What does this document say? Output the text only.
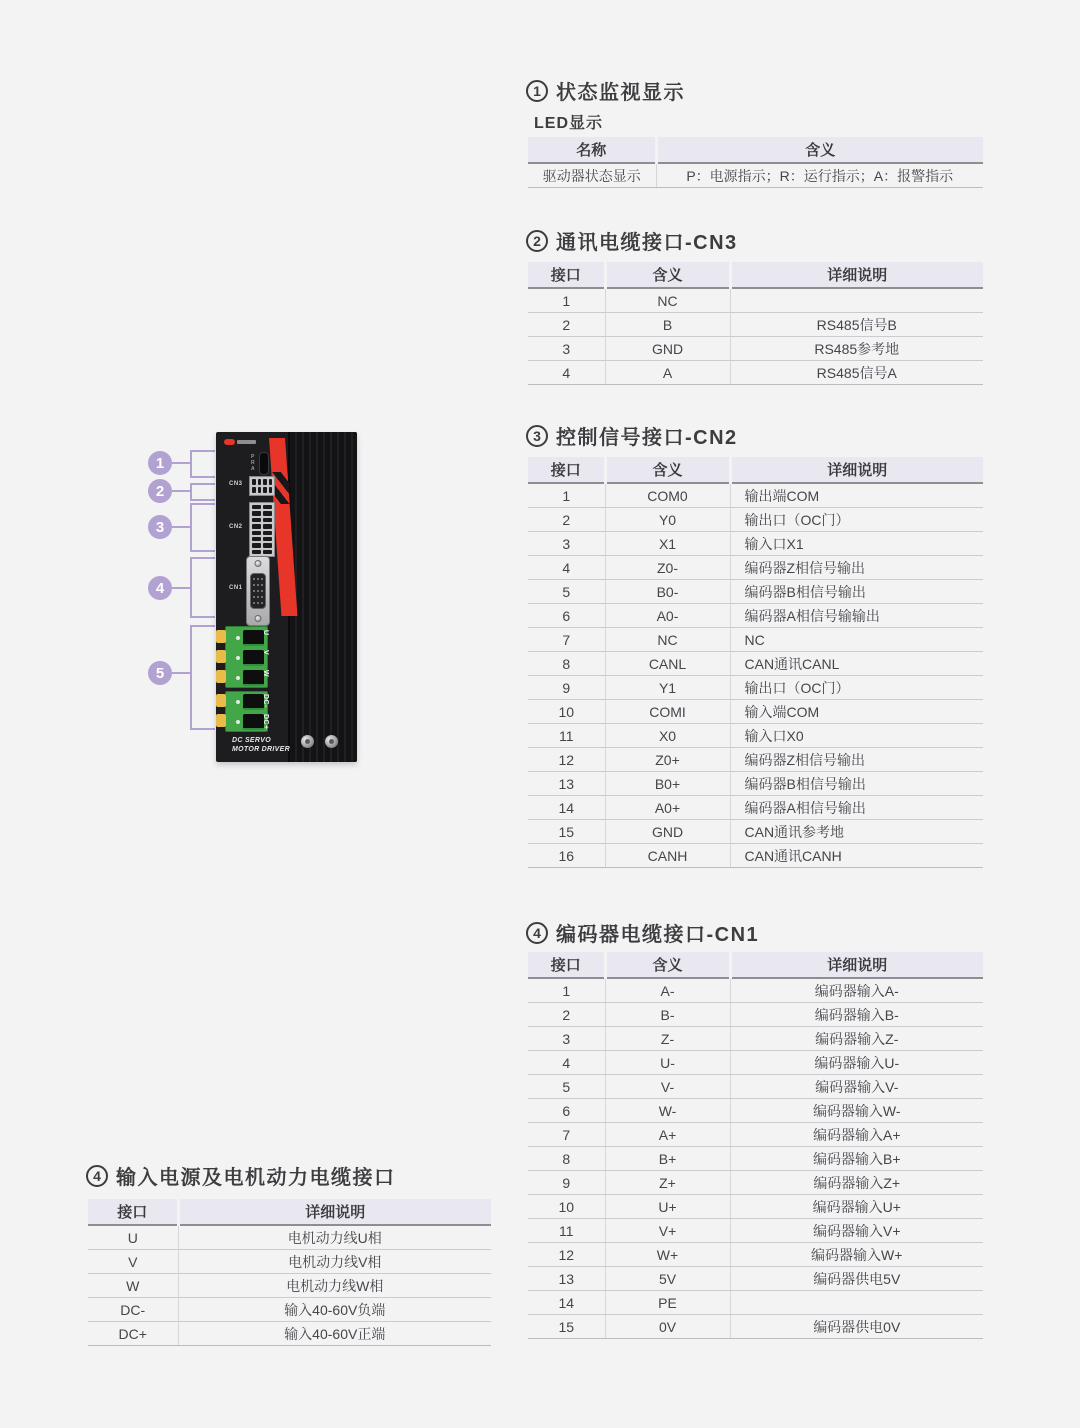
1 状态监视显示
LED显示
名称	含义
驱动器状态显示	P：电源指示；R：运行指示；A：报警指示
2 通讯电缆接口-CN3
接口	含义	详细说明
1	NC	
2	B	RS485信号B
3	GND	RS485参考地
4	A	RS485信号A
3 控制信号接口-CN2
接口	含义	详细说明
1	COM0	输出端COM
2	Y0	输出口（OC门）
3	X1	输入口X1
4	Z0-	编码器Z相信号输出
5	B0-	编码器B相信号输出
6	A0-	编码器A相信号输输出
7	NC	NC
8	CANL	CAN通讯CANL
9	Y1	输出口（OC门）
10	COMI	输入端COM
11	X0	输入口X0
12	Z0+	编码器Z相信号输出
13	B0+	编码器B相信号输出
14	A0+	编码器A相信号输出
15	GND	CAN通讯参考地
16	CANH	CAN通讯CANH
4 编码器电缆接口-CN1
接口	含义	详细说明
1	A-	编码器输入A-
2	B-	编码器输入B-
3	Z-	编码器输入Z-
4	U-	编码器输入U-
5	V-	编码器输入V-
6	W-	编码器输入W-
7	A+	编码器输入A+
8	B+	编码器输入B+
9	Z+	编码器输入Z+
10	U+	编码器输入U+
11	V+	编码器输入V+
12	W+	编码器输入W+
13	5V	编码器供电5V
14	PE	
15	0V	编码器供电0V
4 输入电源及电机动力电缆接口
接口	详细说明
U	电机动力线U相
V	电机动力线V相
W	电机动力线W相
DC-	输入40-60V负端
DC+	输入40-60V正端
1
2
3
4
5
P
R
A
CN3
CN2
CN1
U
V
W
DC-
DC+
DC SERVO
MOTOR DRIVER
